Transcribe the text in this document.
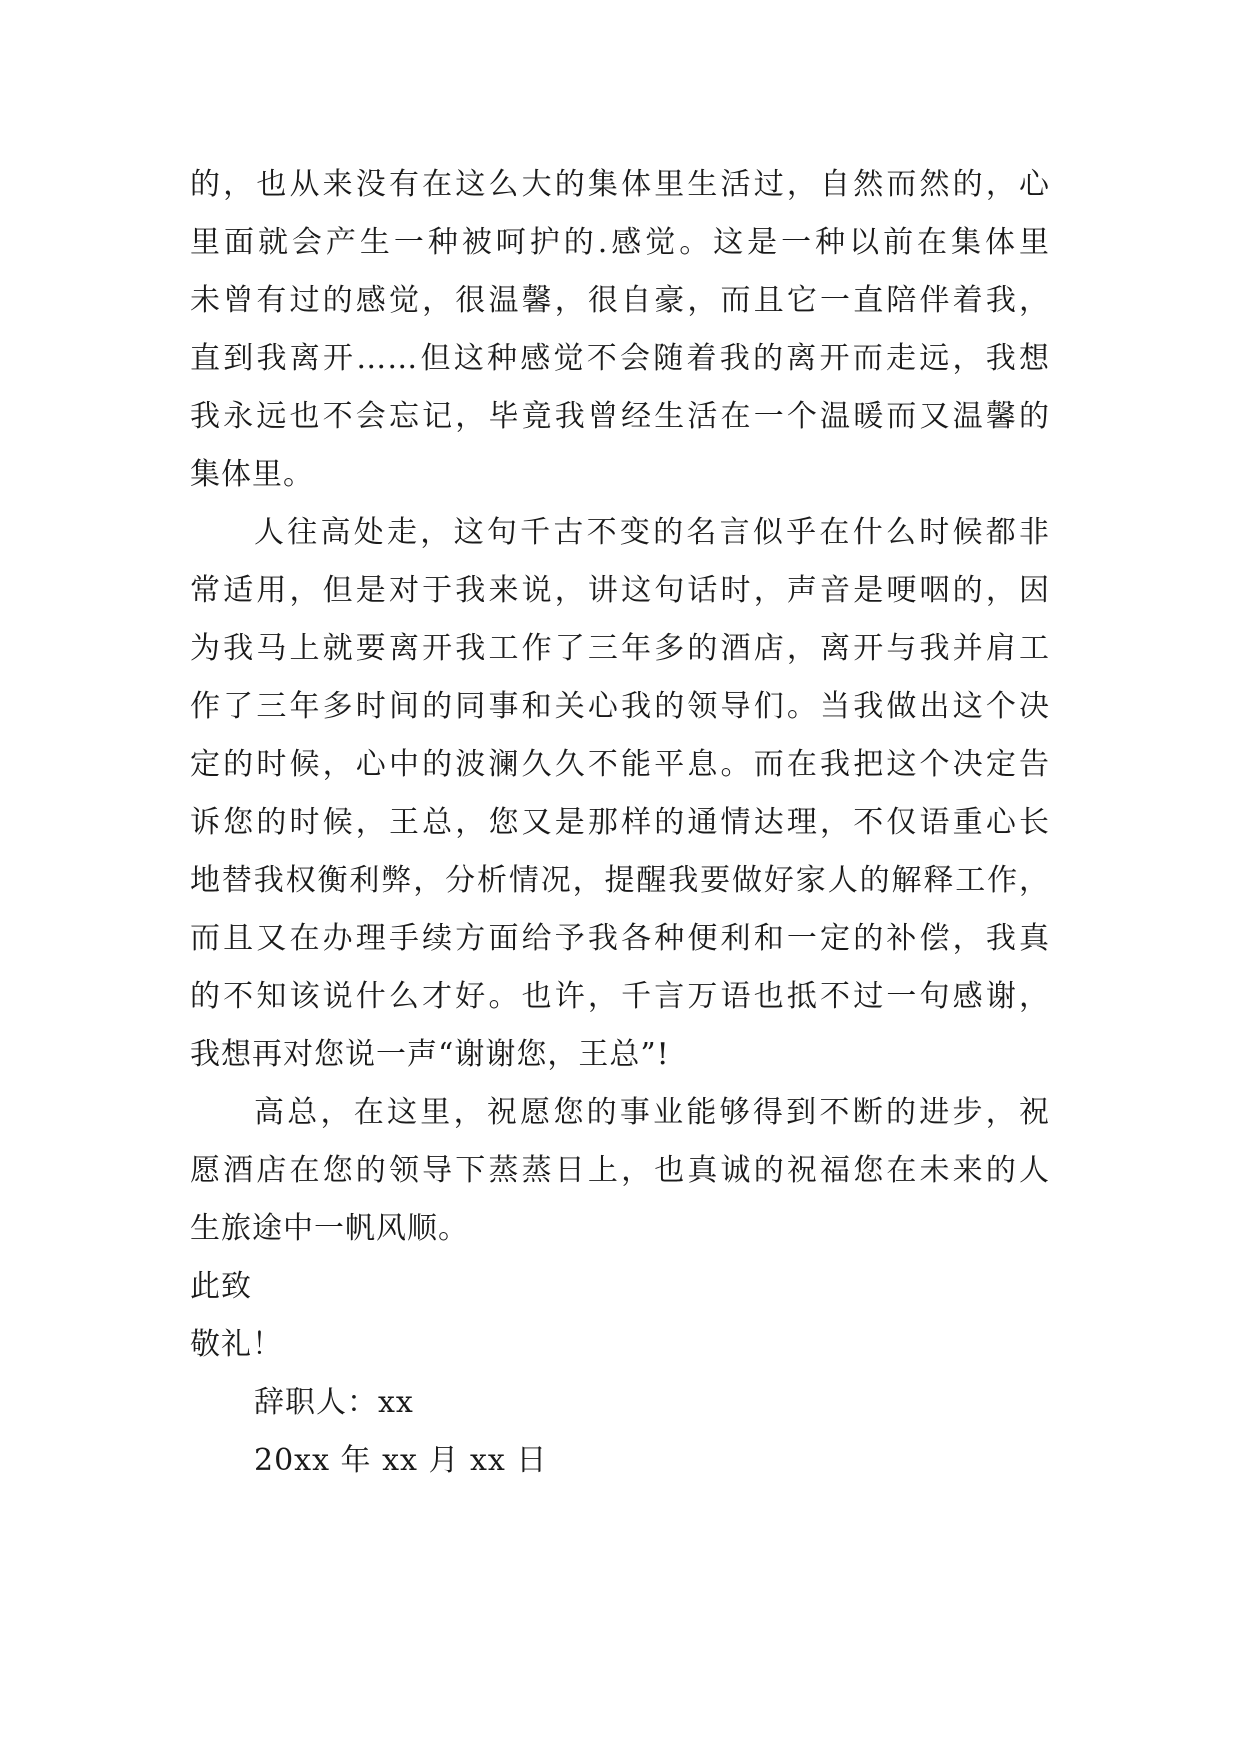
的，也从来没有在这么大的集体里生活过，自然而然的，心
里面就会产生一种被呵护的.感觉。这是一种以前在集体里
未曾有过的感觉，很温馨，很自豪，而且它一直陪伴着我，
直到我离开……但这种感觉不会随着我的离开而走远，我想
我永远也不会忘记，毕竟我曾经生活在一个温暖而又温馨的
集体里。
人往高处走，这句千古不变的名言似乎在什么时候都非
常适用，但是对于我来说，讲这句话时，声音是哽咽的，因
为我马上就要离开我工作了三年多的酒店，离开与我并肩工
作了三年多时间的同事和关心我的领导们。当我做出这个决
定的时候，心中的波澜久久不能平息。而在我把这个决定告
诉您的时候，王总，您又是那样的通情达理，不仅语重心长
地替我权衡利弊，分析情况，提醒我要做好家人的解释工作，
而且又在办理手续方面给予我各种便利和一定的补偿，我真
的不知该说什么才好。也许，千言万语也抵不过一句感谢，
我想再对您说一声“谢谢您，王总”!
高总，在这里，祝愿您的事业能够得到不断的进步，祝
愿酒店在您的领导下蒸蒸日上，也真诚的祝福您在未来的人
生旅途中一帆风顺。
此致
敬礼！
辞职人：xx
20xx 年 xx 月 xx 日
